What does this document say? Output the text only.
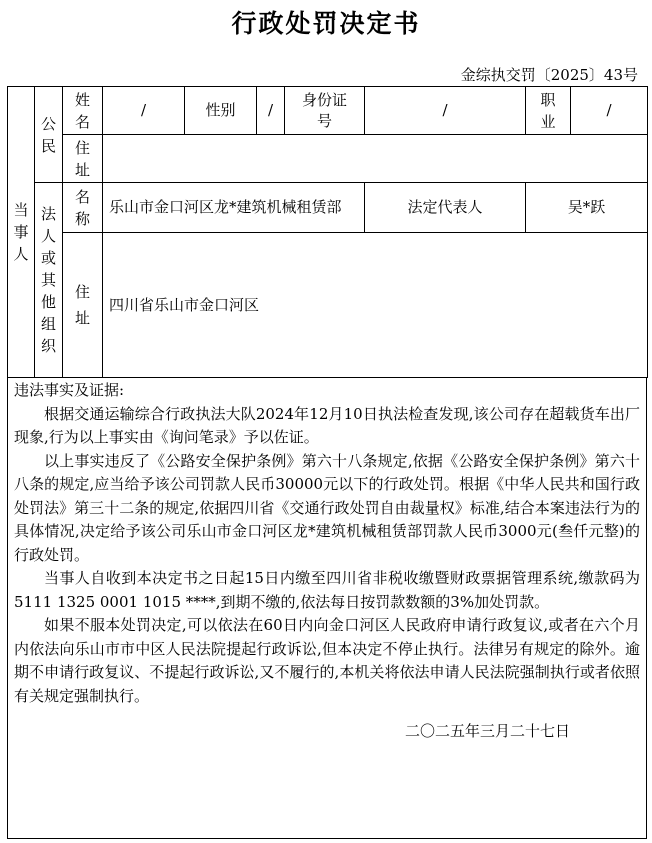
行政处罚决定书
金综执交罚〔2025〕43号
当事人	公民	姓名	/	性别	/	身份证号	/	职业	/
		住址							
	法人或其他组织	名称	乐山市金口河区龙*建筑机械租赁部				法定代表人	吴*跃	
		住址	四川省乐山市金口河区						
违法事实及证据:

根据交通运输综合行政执法大队2024年12月10日执法检查发现,该公司存在超载货车出厂现象,行为以上事实由《询问笔录》予以佐证。

以上事实违反了《公路安全保护条例》第六十八条规定,依据《公路安全保护条例》第六十八条的规定,应当给予该公司罚款人民币30000元以下的行政处罚。根据《中华人民共和国行政处罚法》第三十二条的规定,依据四川省《交通行政处罚自由裁量权》标准,结合本案违法行为的具体情况,决定给予该公司乐山市金口河区龙*建筑机械租赁部罚款人民币3000元(叁仟元整)的行政处罚。

当事人自收到本决定书之日起15日内缴至四川省非税收缴暨财政票据管理系统,缴款码为5111 1325 0001 1015 ****,到期不缴的,依法每日按罚款数额的3%加处罚款。

如果不服本处罚决定,可以依法在60日内向金口河区人民政府申请行政复议,或者在六个月内依法向乐山市市中区人民法院提起行政诉讼,但本决定不停止执行。法律另有规定的除外。逾期不申请行政复议、不提起行政诉讼,又不履行的,本机关将依法申请人民法院强制执行或者依照有关规定强制执行。

二〇二五年三月二十七日
